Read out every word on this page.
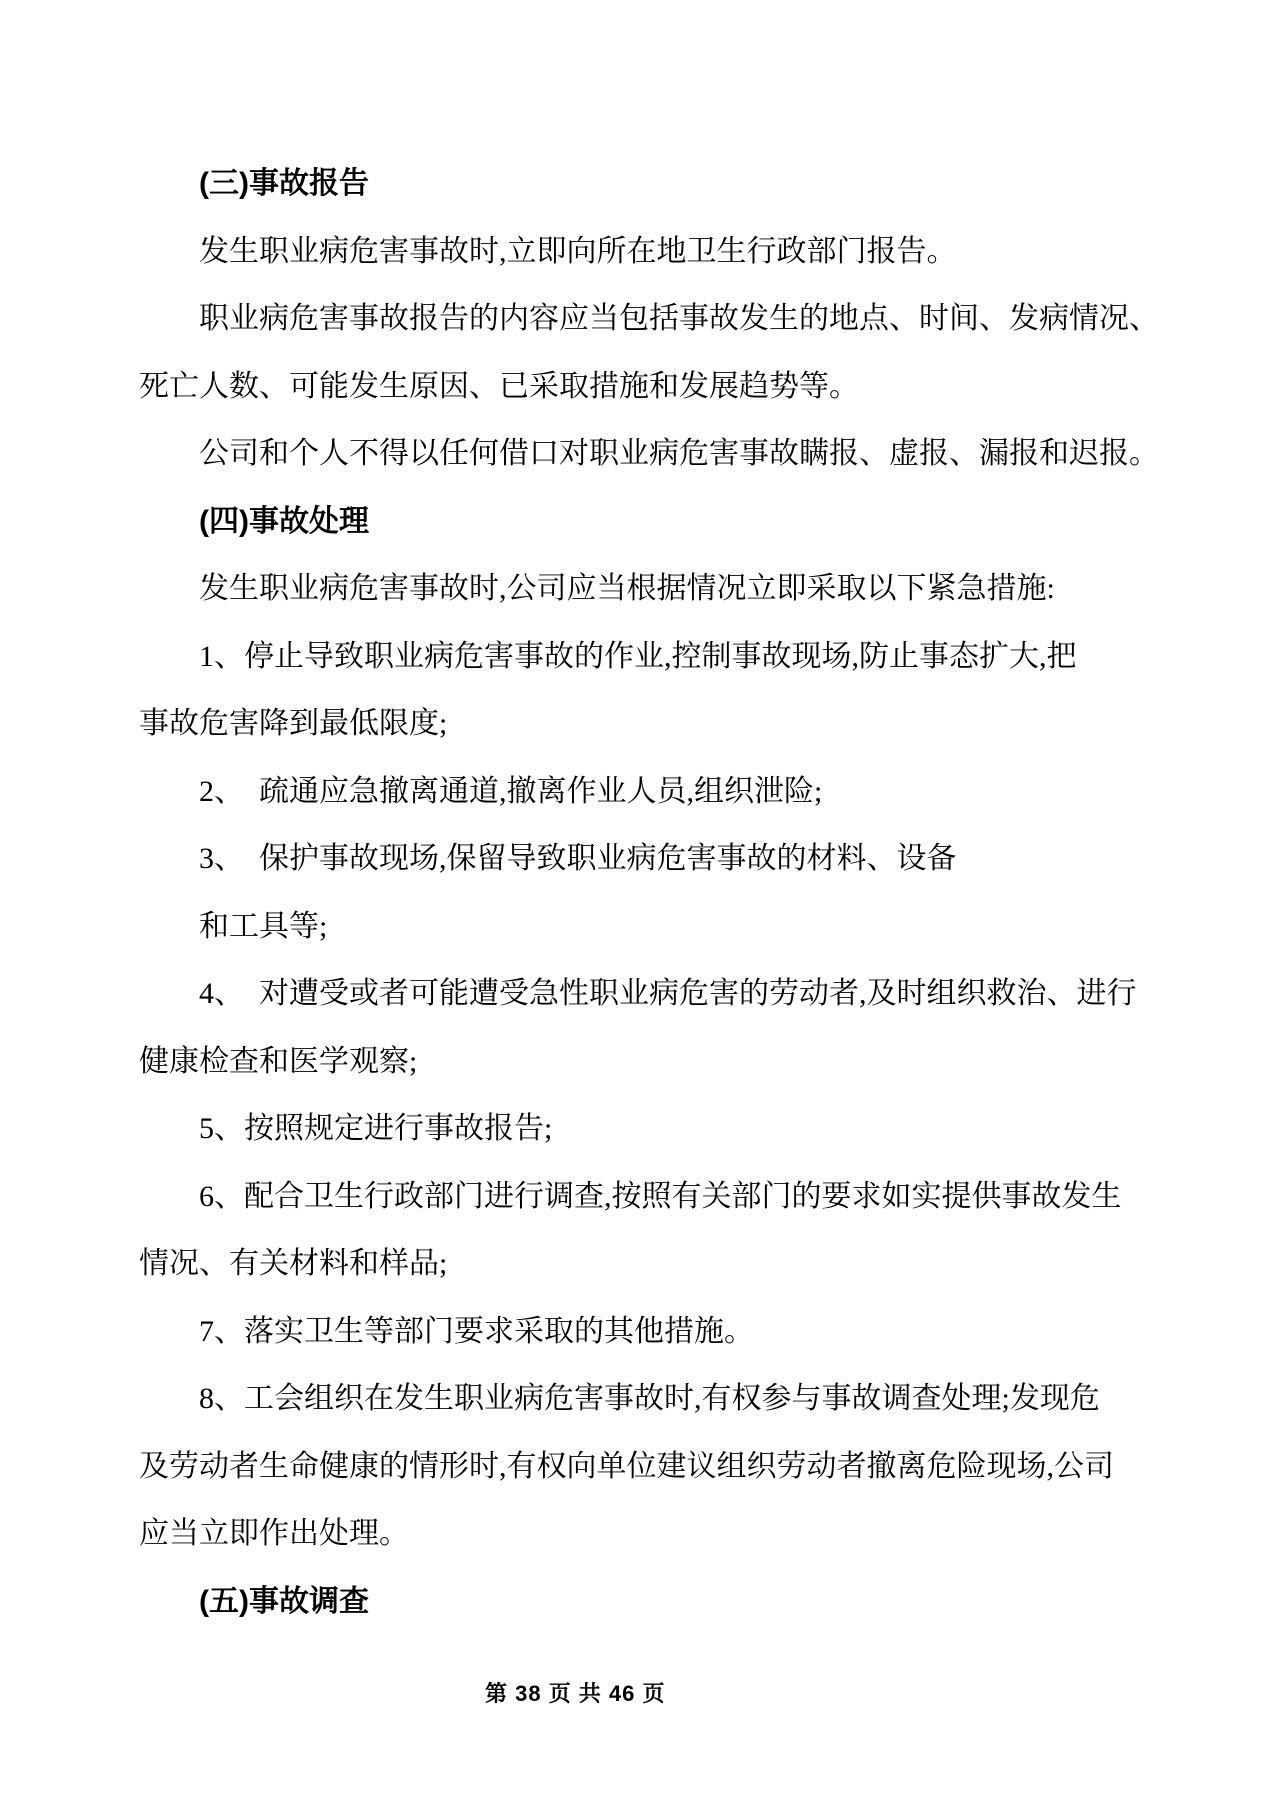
(三)事故报告
发生职业病危害事故时,立即向所在地卫生行政部门报告。
职业病危害事故报告的内容应当包括事故发生的地点、时间、发病情况、
死亡人数、可能发生原因、已采取措施和发展趋势等。
公司和个人不得以任何借口对职业病危害事故瞒报、虚报、漏报和迟报。
(四)事故处理
发生职业病危害事故时,公司应当根据情况立即采取以下紧急措施:
1、停止导致职业病危害事故的作业,控制事故现场,防止事态扩大,把
事故危害降到最低限度;
2、 疏通应急撤离通道,撤离作业人员,组织泄险;
3、 保护事故现场,保留导致职业病危害事故的材料、设备
和工具等;
4、 对遭受或者可能遭受急性职业病危害的劳动者,及时组织救治、进行
健康检查和医学观察;
5、按照规定进行事故报告;
6、配合卫生行政部门进行调查,按照有关部门的要求如实提供事故发生
情况、有关材料和样品;
7、落实卫生等部门要求采取的其他措施。
8、工会组织在发生职业病危害事故时,有权参与事故调查处理;发现危
及劳动者生命健康的情形时,有权向单位建议组织劳动者撤离危险现场,公司
应当立即作出处理。
(五)事故调查
第 38 页 共 46 页
